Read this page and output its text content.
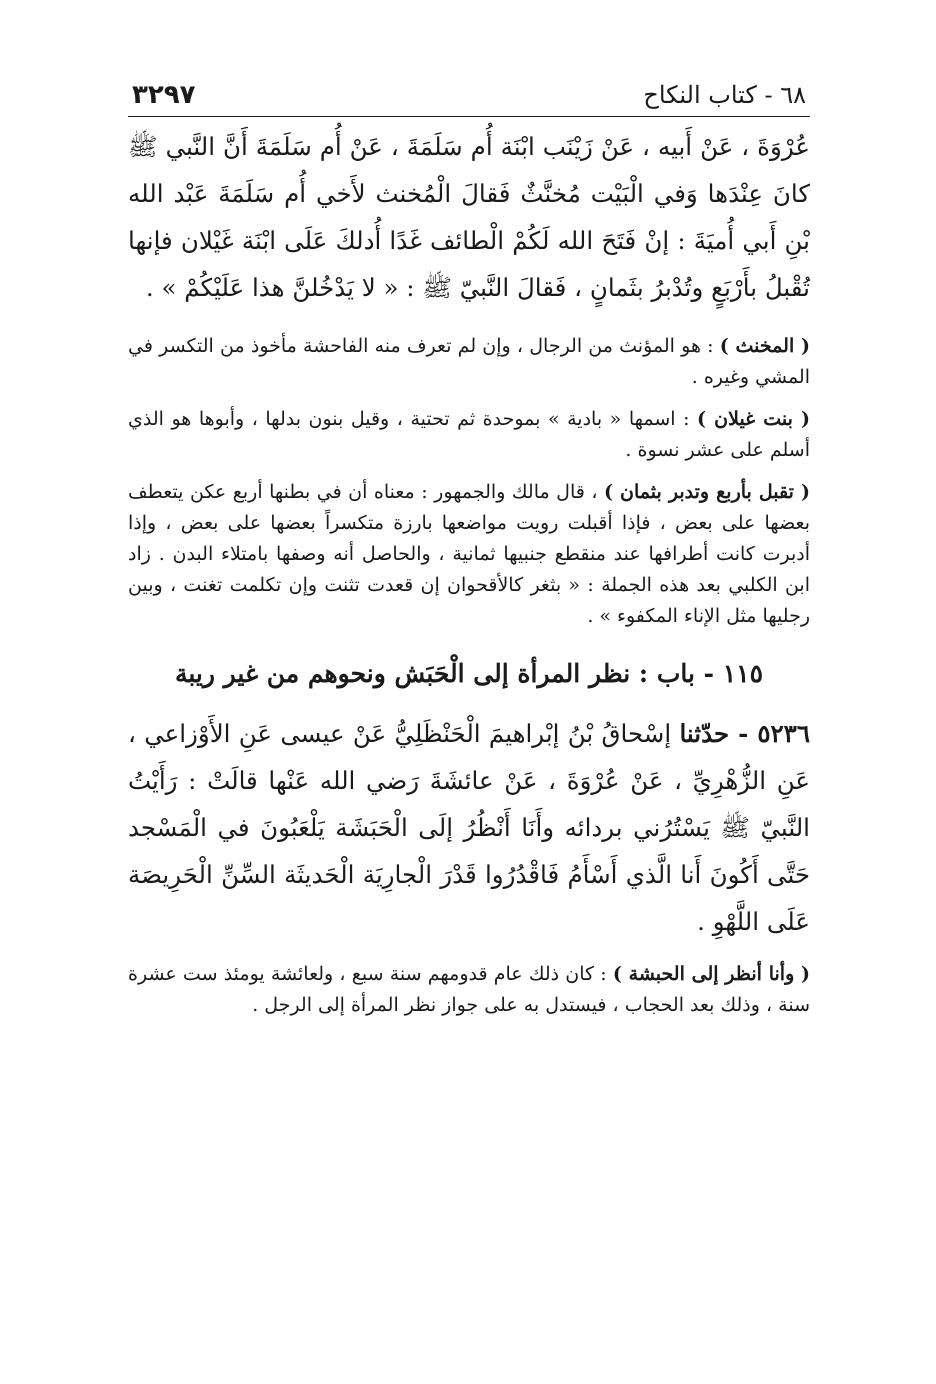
٦٨ - كتاب النكاح
٣٢٩٧

عُرْوَةَ ، عَنْ أَبيه ، عَنْ زَيْنَب ابْنَة أُم سَلَمَةَ ، عَنْ أُم سَلَمَةَ أَنَّ النَّبي ﷺ كانَ عِنْدَها وَفي الْبَيْت مُخنَّثٌ فَقالَ الْمُخنث لأَخي أُم سَلَمَةَ عَبْد الله بْنِ أَبي أُميَةَ : إنْ فَتَحَ الله لَكُمْ الْطائف غَدًا أُدلكَ عَلَى ابْنَة غَيْلان فإنها تُقْبلُ بأَرْبَعٍ وتُدْبرُ بثَمانٍ ، فَقالَ النَّبيّ ﷺ : « لا يَدْخُلنَّ هذا عَلَيْكُمْ » .

( المخنث ) : هو المؤنث من الرجال ، وإن لم تعرف منه الفاحشة مأخوذ من التكسر في المشي وغيره .

( بنت غيلان ) : اسمها « بادية » بموحدة ثم تحتية ، وقيل بنون بدلها ، وأبوها هو الذي أسلم على عشر نسوة .

( تقبل بأربع وتدبر بثمان ) ، قال مالك والجمهور : معناه أن في بطنها أربع عكن يتعطف بعضها على بعض ، فإذا أقبلت رويت مواضعها بارزة متكسراً بعضها على بعض ، وإذا أدبرت كانت أطرافها عند منقطع جنبيها ثمانية ، والحاصل أنه وصفها بامتلاء البدن . زاد ابن الكلبي بعد هذه الجملة : « بثغر كالأقحوان إن قعدت تثنت وإن تكلمت تغنت ، وبين رجليها مثل الإناء المكفوء » .

١١٥ - باب : نظر المرأة إلى الْحَبَش ونحوهم من غير ريبة

٥٢٣٦ - حدّثنا إسْحاقُ بْنُ إبْراهيمَ الْحَنْظَلِيُّ عَنْ عيسى عَنِ الأَوْزاعي ، عَنِ الزُّهْرِيِّ ، عَنْ عُرْوَةَ ، عَنْ عائشَةَ رَضي الله عَنْها قالَتْ : رَأَيْتُ النَّبيّ ﷺ يَسْتُرُني بردائه وأَنَا أَنْظُرُ إلَى الْحَبَشَة يَلْعَبُونَ في الْمَسْجد حَتَّى أَكُونَ أَنا الَّذي أَسْأَمُ فَاقْدُرُوا قَدْرَ الْجارِيَة الْحَديثَة السِّنِّ الْحَرِيصَة عَلَى اللَّهْوِ .

( وأنا أنظر إلى الحبشة ) : كان ذلك عام قدومهم سنة سبع ، ولعائشة يومئذ ست عشرة سنة ، وذلك بعد الحجاب ، فيستدل به على جواز نظر المرأة إلى الرجل .
